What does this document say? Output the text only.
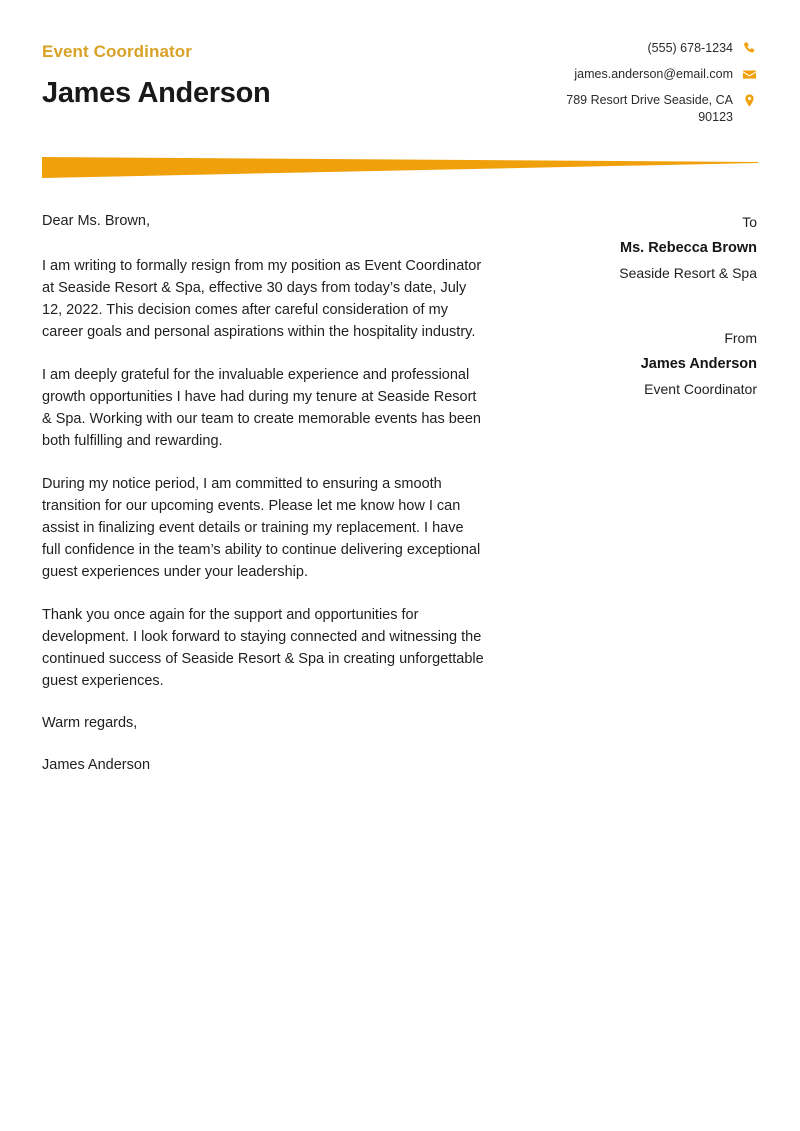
Event Coordinator
James Anderson
(555) 678-1234
james.anderson@email.com
789 Resort Drive Seaside, CA 90123

Dear Ms. Brown,

I am writing to formally resign from my position as Event Coordinator at Seaside Resort & Spa, effective 30 days from today’s date, July 12, 2022. This decision comes after careful consideration of my career goals and personal aspirations within the hospitality industry.

I am deeply grateful for the invaluable experience and professional growth opportunities I have had during my tenure at Seaside Resort & Spa. Working with our team to create memorable events has been both fulfilling and rewarding.

During my notice period, I am committed to ensuring a smooth transition for our upcoming events. Please let me know how I can assist in finalizing event details or training my replacement. I have full confidence in the team’s ability to continue delivering exceptional guest experiences under your leadership.

Thank you once again for the support and opportunities for development. I look forward to staying connected and witnessing the continued success of Seaside Resort & Spa in creating unforgettable guest experiences.

Warm regards,

James Anderson

To
Ms. Rebecca Brown
Seaside Resort & Spa
From
James Anderson
Event Coordinator
